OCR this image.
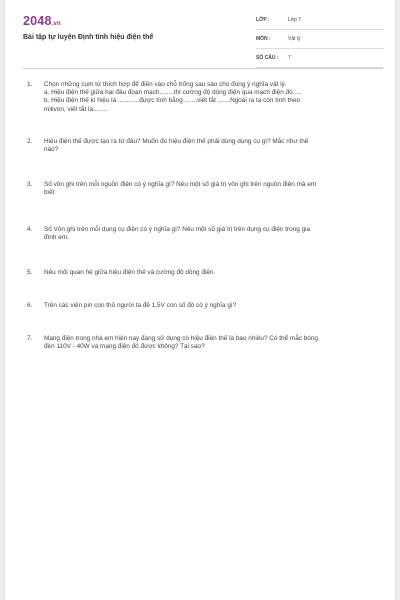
2048.vn
Bài tập tự luyện Định tính hiệu điện thế
LỚP :	Lớp 7
MÔN :	Vật lý
SỐ CÂU : 7
1.	Chọn những cụm từ thích hợp để điền vào chỗ trống sau sao cho đúng ý nghĩa vật lý.
a. Hiệu điện thế giữa hai đầu đoạn mạch........thì cường độ dòng điện qua mạch điện đó.....
b. Hiệu điện thế kí hiệu là ............được tính bằng .......viết tắt .......Ngoài ra ta còn tính theo
milivon, viết tắt là........
2.	Hiệu điện thế được tạo ra từ đâu? Muốn đo hiệu điện thế phải dùng dụng cụ gì? Mắc như thế
nào?
3.	Số vôn ghi trên mỗi nguồn điện có ý nghĩa gì? Nêu một số giá trị vôn ghi trên nguồn điện mà em
biết
4.	Số Vôn ghi trên mỗi dụng cụ điện có ý nghĩa gì? Nêu một số giá trị trên dụng cụ điện trong gia
đình em.
5.	Nêu mối quan hệ giữa hiệu điện thế và cường độ dòng điện.
6.	Trên các viên pin con thỏ người ta đề 1,5V con số đó có ý nghĩa gì?
7.	Mạng điện trong nhà em hiện nay đang sử dụng có hiệu điện thế là bao nhiêu? Có thể mắc bóng
đèn 110V - 40W và mạng điện đó được không? Tại sao?
